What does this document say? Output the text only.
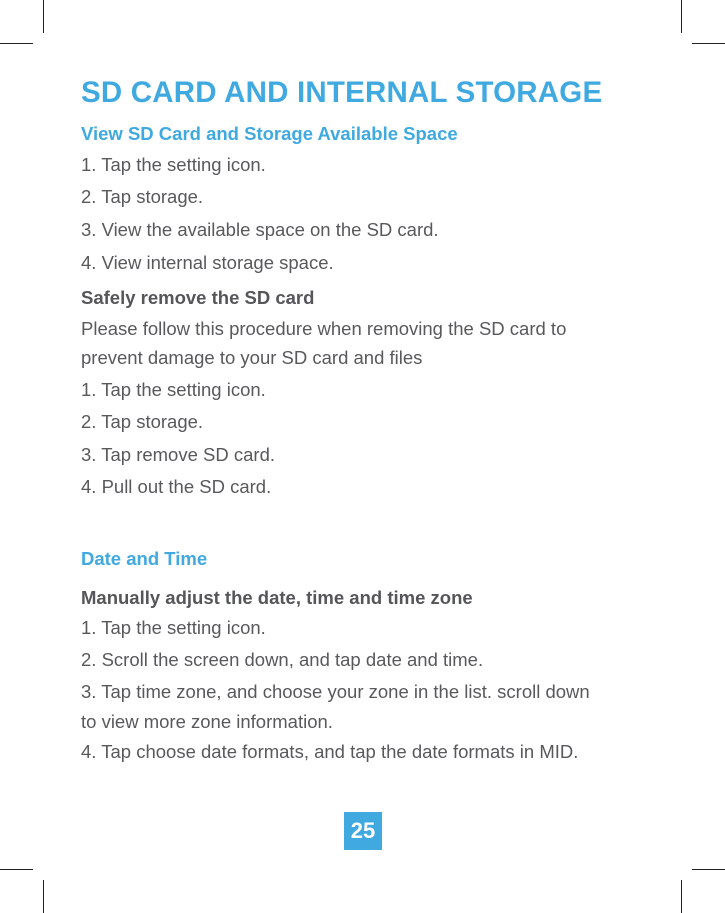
SD CARD AND INTERNAL STORAGE
View SD Card and Storage Available Space

1. Tap the setting icon.

2. Tap storage.

3. View the available space on the SD card.

4. View internal storage space.

Safely remove the SD card

Please follow this procedure when removing the SD card to

prevent damage to your SD card and files

1. Tap the setting icon.

2. Tap storage.

3. Tap remove SD card.

4. Pull out the SD card.

Date and Time
Manually adjust the date, time and time zone

1. Tap the setting icon.

2. Scroll the screen down, and tap date and time.

3. Tap time zone, and choose your zone in the list. scroll down

to view more zone information.

4. Tap choose date formats, and tap the date formats in MID.

25
